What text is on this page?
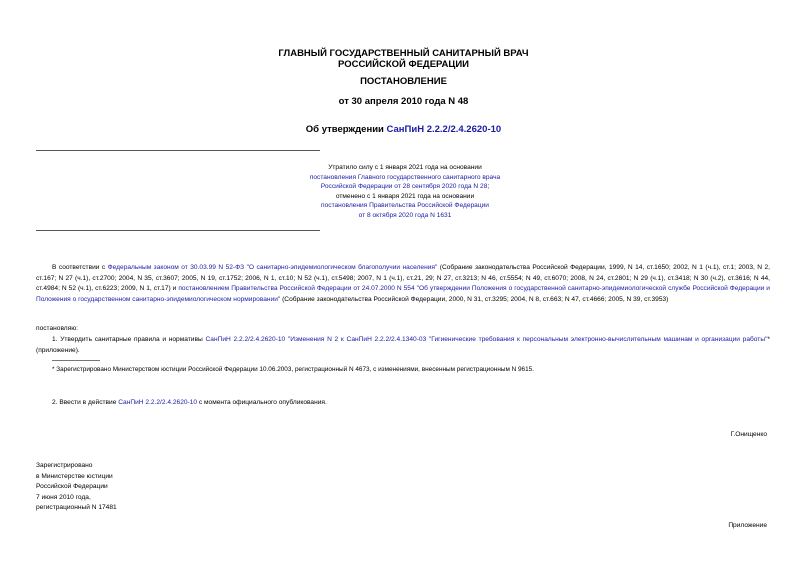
ГЛАВНЫЙ ГОСУДАРСТВЕННЫЙ САНИТАРНЫЙ ВРАЧ
РОССИЙСКОЙ ФЕДЕРАЦИИ
ПОСТАНОВЛЕНИЕ
от 30 апреля 2010 года N 48
Об утверждении СанПиН 2.2.2/2.4.2620-10
Утратило силу с 1 января 2021 года на основании
постановления Главного государственного санитарного врача
Российской Федерации от 28 сентября 2020 года N 28;
отменено с 1 января 2021 года на основании
постановления Правительства Российской Федерации
от 8 октября 2020 года N 1631
В соответствии с Федеральным законом от 30.03.99 N 52-ФЗ "О санитарно-эпидемиологическом благополучии населения" (Собрание законодательства Российской Федерации, 1999, N 14, ст.1650; 2002, N 1 (ч.1), ст.1; 2003, N 2, ст.167; N 27 (ч.1), ст.2700; 2004, N 35, ст.3607; 2005, N 19, ст.1752; 2006, N 1, ст.10; N 52 (ч.1), ст.5498; 2007, N 1 (ч.1), ст.21, 29; N 27, ст.3213; N 46, ст.5554; N 49, ст.6070; 2008, N 24, ст.2801; N 29 (ч.1), ст.3418; N 30 (ч.2), ст.3616; N 44, ст.4984; N 52 (ч.1), ст.6223; 2009, N 1, ст.17) и постановлением Правительства Российской Федерации от 24.07.2000 N 554 "Об утверждении Положения о государственной санитарно-эпидемиологической службе Российской Федерации и Положения о государственном санитарно-эпидемиологическом нормировании" (Собрание законодательства Российской Федерации, 2000, N 31, ст.3295; 2004, N 8, ст.663; N 47, ст.4666; 2005, N 39, ст.3953)
постановляю:
1. Утвердить санитарные правила и нормативы СанПиН 2.2.2/2.4.2620-10 "Изменения N 2 к СанПиН 2.2.2/2.4.1340-03 "Гигиенические требования к персональным электронно-вычислительным машинам и организации работы"* (приложение).
* Зарегистрировано Министерством юстиции Российской Федерации 10.06.2003, регистрационный N 4673, с изменениями, внесенным регистрационным N 9615.
2. Ввести в действие СанПиН 2.2.2/2.4.2620-10 с момента официального опубликования.
Г.Онищенко
Зарегистрировано
в Министерстве юстиции
Российской Федерации
7 июня 2010 года,
регистрационный N 17481
Приложение
